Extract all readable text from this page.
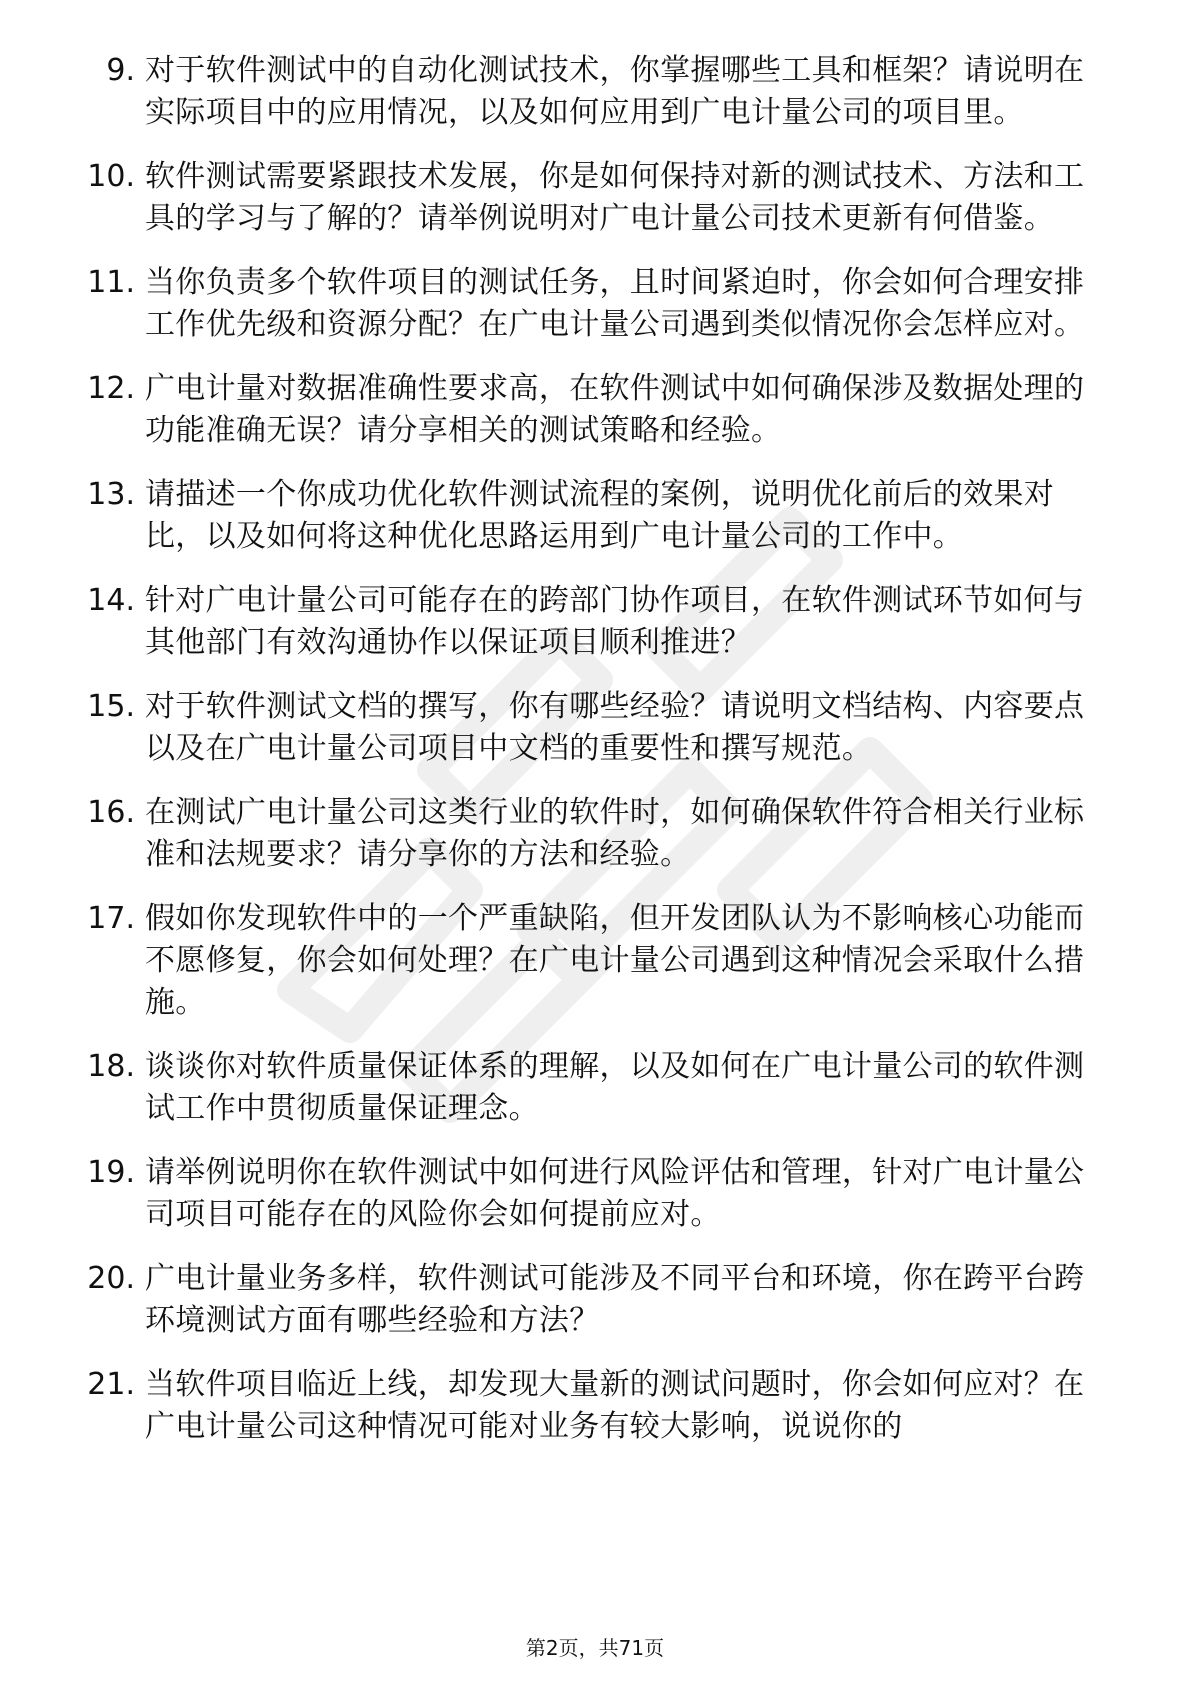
9. 对于软件测试中的自动化测试技术，你掌握哪些工具和框架？请说明在实际项目中的应用情况，以及如何应用到广电计量公司的项目里。
10. 软件测试需要紧跟技术发展，你是如何保持对新的测试技术、方法和工具的学习与了解的？请举例说明对广电计量公司技术更新有何借鉴。
11. 当你负责多个软件项目的测试任务，且时间紧迫时，你会如何合理安排工作优先级和资源分配？在广电计量公司遇到类似情况你会怎样应对。
12. 广电计量对数据准确性要求高，在软件测试中如何确保涉及数据处理的功能准确无误？请分享相关的测试策略和经验。
13. 请描述一个你成功优化软件测试流程的案例，说明优化前后的效果对比，以及如何将这种优化思路运用到广电计量公司的工作中。
14. 针对广电计量公司可能存在的跨部门协作项目，在软件测试环节如何与其他部门有效沟通协作以保证项目顺利推进？
15. 对于软件测试文档的撰写，你有哪些经验？请说明文档结构、内容要点以及在广电计量公司项目中文档的重要性和撰写规范。
16. 在测试广电计量公司这类行业的软件时，如何确保软件符合相关行业标准和法规要求？请分享你的方法和经验。
17. 假如你发现软件中的一个严重缺陷，但开发团队认为不影响核心功能而不愿修复，你会如何处理？在广电计量公司遇到这种情况会采取什么措施。
18. 谈谈你对软件质量保证体系的理解，以及如何在广电计量公司的软件测试工作中贯彻质量保证理念。
19. 请举例说明你在软件测试中如何进行风险评估和管理，针对广电计量公司项目可能存在的风险你会如何提前应对。
20. 广电计量业务多样，软件测试可能涉及不同平台和环境，你在跨平台跨环境测试方面有哪些经验和方法？
21. 当软件项目临近上线，却发现大量新的测试问题时，你会如何应对？在广电计量公司这种情况可能对业务有较大影响，说说你的
第2页，共71页
